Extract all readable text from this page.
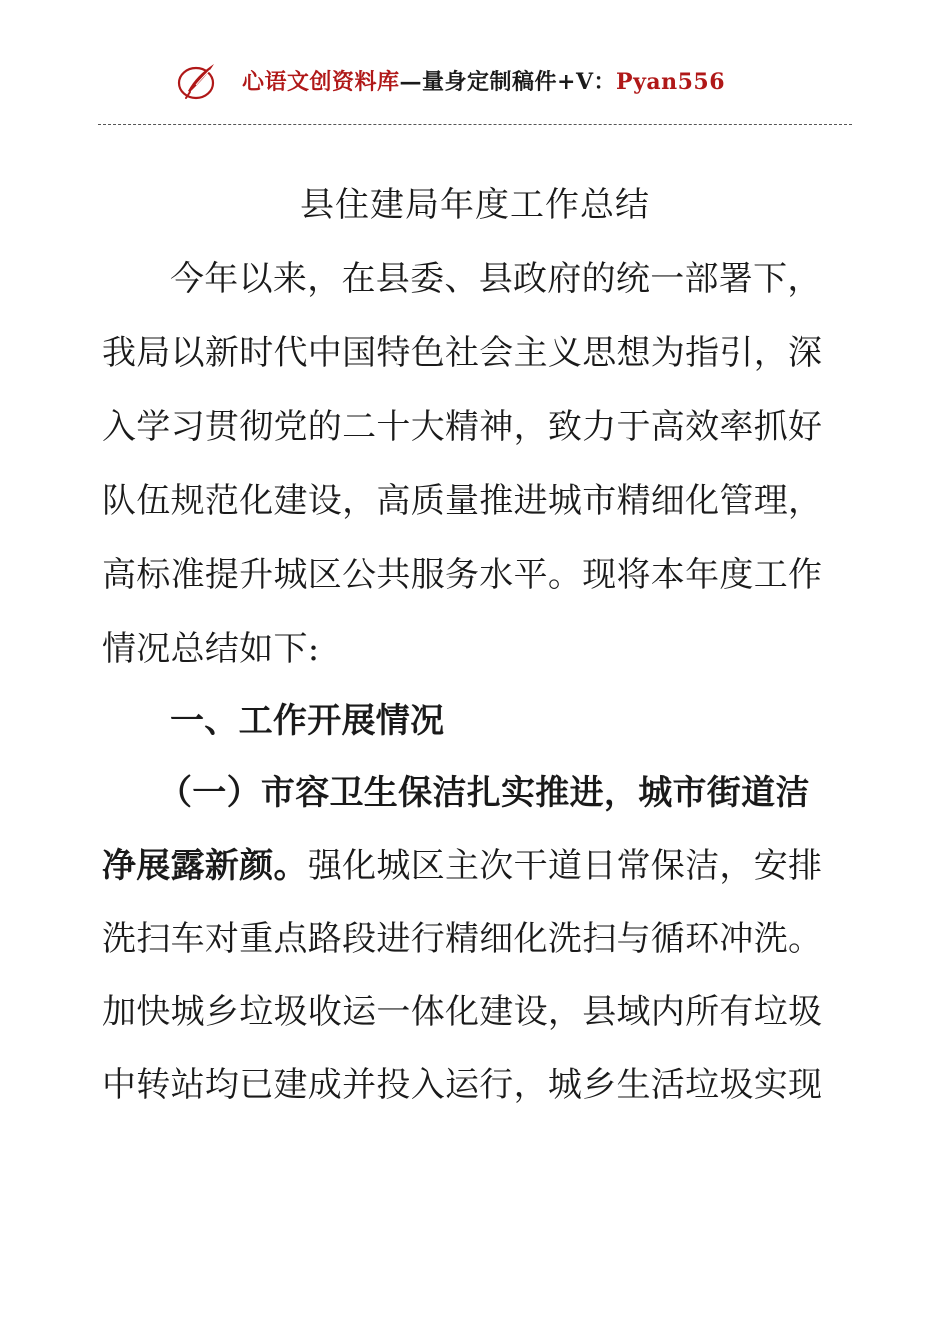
心语文创资料库—量身定制稿件+V：Pyan556
县住建局年度工作总结
今年以来，在县委、县政府的统一部署下，
我局以新时代中国特色社会主义思想为指引，深
入学习贯彻党的二十大精神，致力于高效率抓好
队伍规范化建设，高质量推进城市精细化管理，
高标准提升城区公共服务水平。现将本年度工作
情况总结如下:
一、工作开展情况
（一）市容卫生保洁扎实推进，城市街道洁
净展露新颜。强化城区主次干道日常保洁，安排
洗扫车对重点路段进行精细化洗扫与循环冲洗。
加快城乡垃圾收运一体化建设，县域内所有垃圾
中转站均已建成并投入运行，城乡生活垃圾实现
